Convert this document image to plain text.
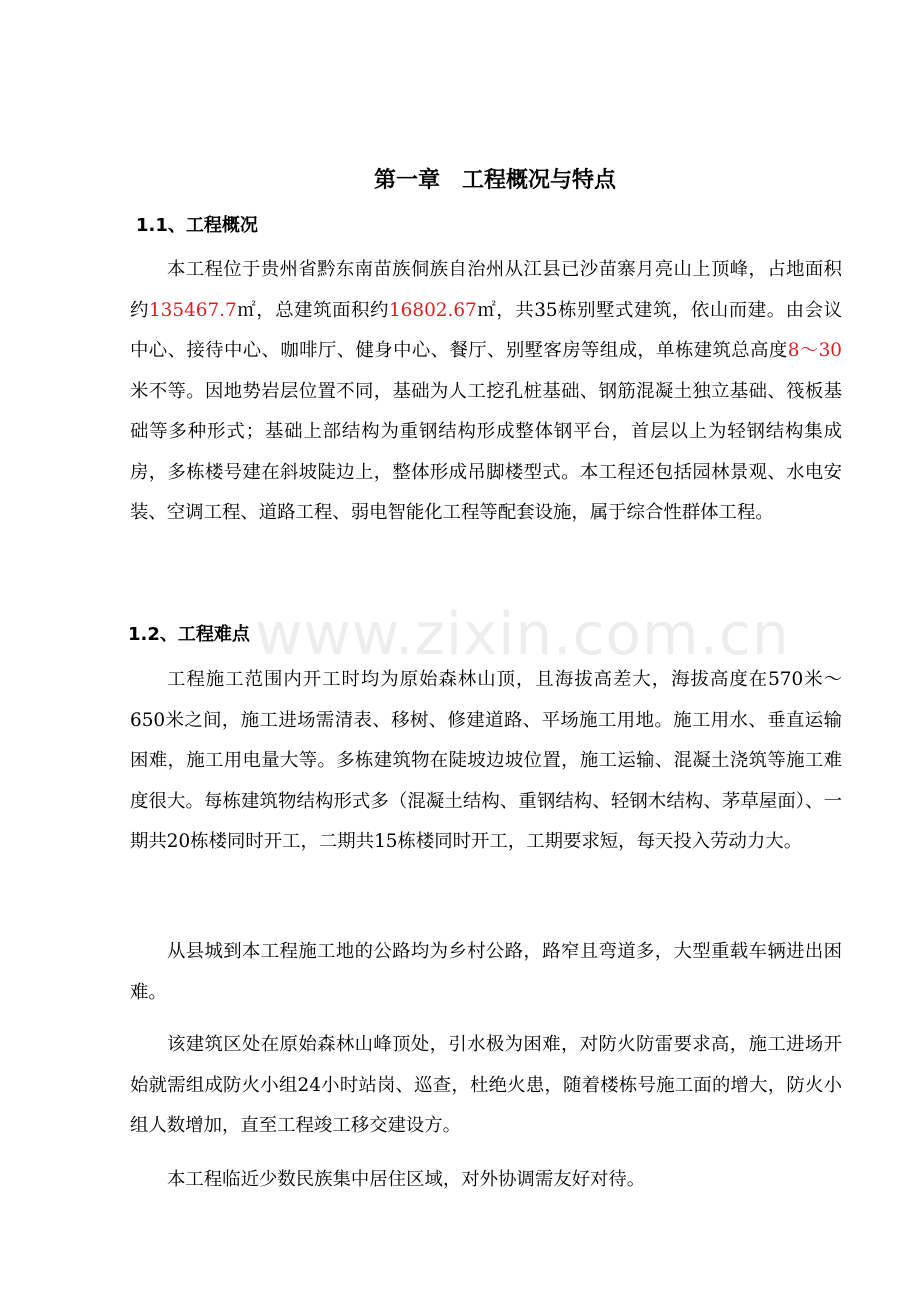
www.zixin.com.cn
第一章 工程概况与特点
1.1、工程概况
本工程位于贵州省黔东南苗族侗族自治州从江县已沙苗寨月亮山上顶峰，占地面积约135467.7㎡，总建筑面积约16802.67㎡，共35栋别墅式建筑，依山而建。由会议中心、接待中心、咖啡厅、健身中心、餐厅、别墅客房等组成，单栋建筑总高度8～30米不等。因地势岩层位置不同，基础为人工挖孔桩基础、钢筋混凝土独立基础、筏板基础等多种形式；基础上部结构为重钢结构形成整体钢平台，首层以上为轻钢结构集成房，多栋楼号建在斜坡陡边上，整体形成吊脚楼型式。本工程还包括园林景观、水电安装、空调工程、道路工程、弱电智能化工程等配套设施，属于综合性群体工程。
1.2、工程难点
工程施工范围内开工时均为原始森林山顶，且海拔高差大，海拔高度在570米～650米之间，施工进场需清表、移树、修建道路、平场施工用地。施工用水、垂直运输困难，施工用电量大等。多栋建筑物在陡坡边坡位置，施工运输、混凝土浇筑等施工难度很大。每栋建筑物结构形式多（混凝土结构、重钢结构、轻钢木结构、茅草屋面）、一期共20栋楼同时开工，二期共15栋楼同时开工，工期要求短，每天投入劳动力大。
从县城到本工程施工地的公路均为乡村公路，路窄且弯道多，大型重载车辆进出困难。
该建筑区处在原始森林山峰顶处，引水极为困难，对防火防雷要求高，施工进场开始就需组成防火小组24小时站岗、巡查，杜绝火患，随着楼栋号施工面的增大，防火小组人数增加，直至工程竣工移交建设方。
本工程临近少数民族集中居住区域，对外协调需友好对待。
